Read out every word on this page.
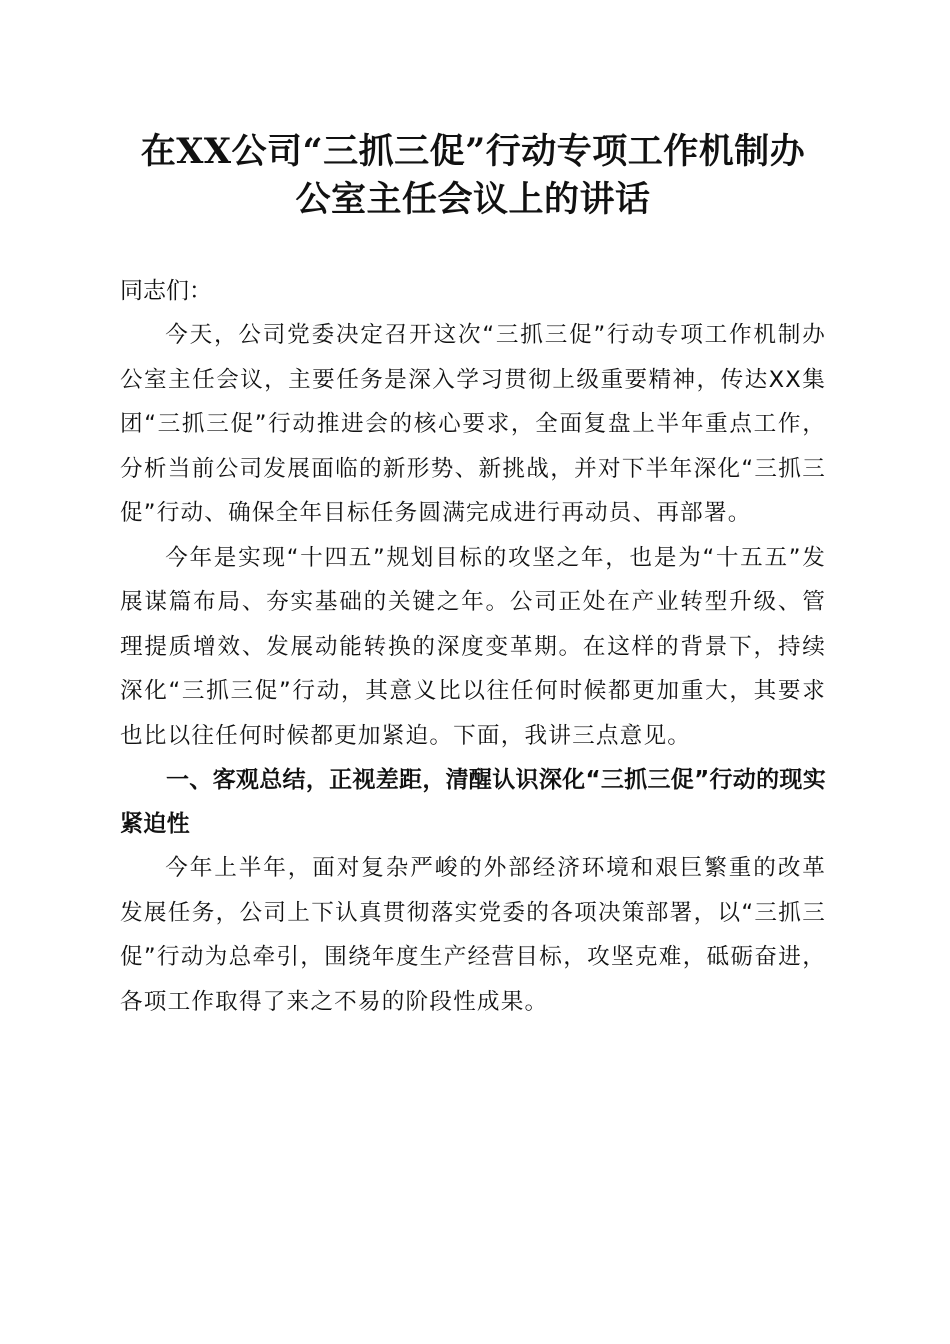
在XX公司“三抓三促”行动专项工作机制办
公室主任会议上的讲话

同志们：

今天，公司党委决定召开这次“三抓三促”行动专项工作机制办公室主任会议，主要任务是深入学习贯彻上级重要精神，传达XX集团“三抓三促”行动推进会的核心要求，全面复盘上半年重点工作，分析当前公司发展面临的新形势、新挑战，并对下半年深化“三抓三促”行动、确保全年目标任务圆满完成进行再动员、再部署。

今年是实现“十四五”规划目标的攻坚之年，也是为“十五五”发展谋篇布局、夯实基础的关键之年。公司正处在产业转型升级、管理提质增效、发展动能转换的深度变革期。在这样的背景下，持续深化“三抓三促”行动，其意义比以往任何时候都更加重大，其要求也比以往任何时候都更加紧迫。下面，我讲三点意见。

一、客观总结，正视差距，清醒认识深化“三抓三促”行动的现实紧迫性

今年上半年，面对复杂严峻的外部经济环境和艰巨繁重的改革发展任务，公司上下认真贯彻落实党委的各项决策部署，以“三抓三促”行动为总牵引，围绕年度生产经营目标，攻坚克难，砥砺奋进，各项工作取得了来之不易的阶段性成果。
